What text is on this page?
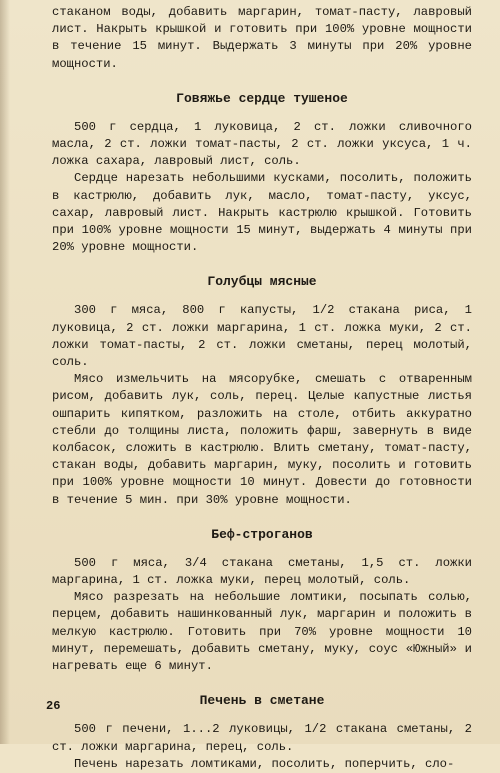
стаканом воды, добавить маргарин, томат-пасту, лавровый лист. Накрыть крышкой и готовить при 100% уровне мощности в течение 15 минут. Выдержать 3 минуты при 20% уровне мощности.

Говяжье сердце тушеное

500 г сердца, 1 луковица, 2 ст. ложки сливочного масла, 2 ст. ложки томат-пасты, 2 ст. ложки уксуса, 1 ч. ложка сахара, лавровый лист, соль.

Сердце нарезать небольшими кусками, посолить, положить в кастрюлю, добавить лук, масло, томат-пасту, уксус, сахар, лавровый лист. Накрыть кастрюлю крышкой. Готовить при 100% уровне мощности 15 минут, выдержать 4 минуты при 20% уровне мощности.

Голубцы мясные

300 г мяса, 800 г капусты, 1/2 стакана риса, 1 луковица, 2 ст. ложки маргарина, 1 ст. ложка муки, 2 ст. ложки томат-пасты, 2 ст. ложки сметаны, перец молотый, соль.

Мясо измельчить на мясорубке, смешать с отваренным рисом, добавить лук, соль, перец. Целые капустные листья ошпарить кипятком, разложить на столе, отбить аккуратно стебли до толщины листа, положить фарш, завернуть в виде колбасок, сложить в кастрюлю. Влить сметану, томат-пасту, стакан воды, добавить маргарин, муку, посолить и готовить при 100% уровне мощности 10 минут. Довести до готовности в течение 5 мин. при 30% уровне мощности.

Беф-строганов

500 г мяса, 3/4 стакана сметаны, 1,5 ст. ложки маргарина, 1 ст. ложка муки, перец молотый, соль.

Мясо разрезать на небольшие ломтики, посыпать солью, перцем, добавить нашинкованный лук, маргарин и положить в мелкую кастрюлю. Готовить при 70% уровне мощности 10 минут, перемешать, добавить сметану, муку, соус «Южный» и нагревать еще 6 минут.

Печень в сметане

500 г печени, 1...2 луковицы, 1/2 стакана сметаны, 2 ст. ложки маргарина, перец, соль.

Печень нарезать ломтиками, посолить, поперчить, сло-

26
